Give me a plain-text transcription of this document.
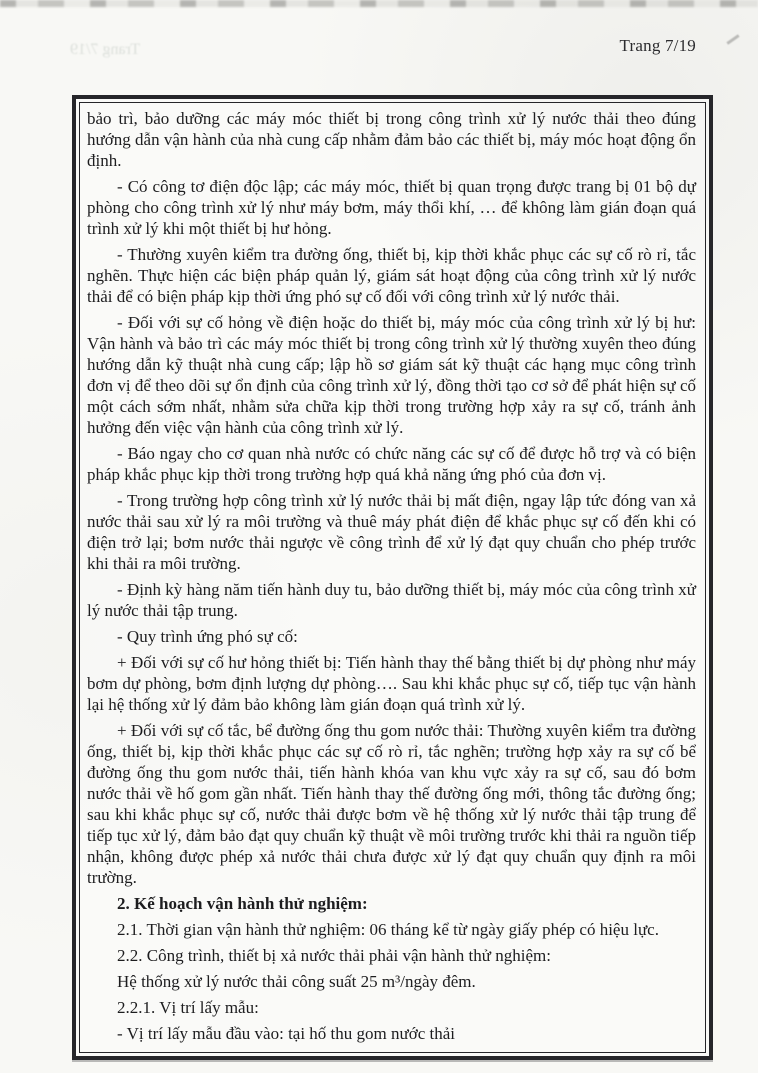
Trang 7/19	Trang 7/19

bảo trì, bảo dưỡng các máy móc thiết bị trong công trình xử lý nước thải theo đúng hướng dẫn vận hành của nhà cung cấp nhằm đảm bảo các thiết bị, máy móc hoạt động ổn định.

- Có công tơ điện độc lập; các máy móc, thiết bị quan trọng được trang bị 01 bộ dự phòng cho công trình xử lý như máy bơm, máy thổi khí, … để không làm gián đoạn quá trình xử lý khi một thiết bị hư hỏng.

- Thường xuyên kiểm tra đường ống, thiết bị, kịp thời khắc phục các sự cố rò rỉ, tắc nghẽn. Thực hiện các biện pháp quản lý, giám sát hoạt động của công trình xử lý nước thải để có biện pháp kịp thời ứng phó sự cố đối với công trình xử lý nước thải.

- Đối với sự cố hỏng về điện hoặc do thiết bị, máy móc của công trình xử lý bị hư: Vận hành và bảo trì các máy móc thiết bị trong công trình xử lý thường xuyên theo đúng hướng dẫn kỹ thuật nhà cung cấp; lập hồ sơ giám sát kỹ thuật các hạng mục công trình đơn vị để theo dõi sự ổn định của công trình xử lý, đồng thời tạo cơ sở để phát hiện sự cố một cách sớm nhất, nhằm sửa chữa kịp thời trong trường hợp xảy ra sự cố, tránh ảnh hưởng đến việc vận hành của công trình xử lý.

- Báo ngay cho cơ quan nhà nước có chức năng các sự cố để được hỗ trợ và có biện pháp khắc phục kịp thời trong trường hợp quá khả năng ứng phó của đơn vị.

- Trong trường hợp công trình xử lý nước thải bị mất điện, ngay lập tức đóng van xả nước thải sau xử lý ra môi trường và thuê máy phát điện để khắc phục sự cố đến khi có điện trở lại; bơm nước thải ngược về công trình để xử lý đạt quy chuẩn cho phép trước khi thải ra môi trường.

- Định kỳ hàng năm tiến hành duy tu, bảo dưỡng thiết bị, máy móc của công trình xử lý nước thải tập trung.

- Quy trình ứng phó sự cố:

+ Đối với sự cố hư hỏng thiết bị: Tiến hành thay thế bằng thiết bị dự phòng như máy bơm dự phòng, bơm định lượng dự phòng…. Sau khi khắc phục sự cố, tiếp tục vận hành lại hệ thống xử lý đảm bảo không làm gián đoạn quá trình xử lý.

+ Đối với sự cố tắc, bể đường ống thu gom nước thải: Thường xuyên kiểm tra đường ống, thiết bị, kịp thời khắc phục các sự cố rò rỉ, tắc nghẽn; trường hợp xảy ra sự cố bể đường ống thu gom nước thải, tiến hành khóa van khu vực xảy ra sự cố, sau đó bơm nước thải về hố gom gần nhất. Tiến hành thay thế đường ống mới, thông tắc đường ống; sau khi khắc phục sự cố, nước thải được bơm về hệ thống xử lý nước thải tập trung để tiếp tục xử lý, đảm bảo đạt quy chuẩn kỹ thuật về môi trường trước khi thải ra nguồn tiếp nhận, không được phép xả nước thải chưa được xử lý đạt quy chuẩn quy định ra môi trường.

2. Kế hoạch vận hành thử nghiệm:

2.1. Thời gian vận hành thử nghiệm: 06 tháng kể từ ngày giấy phép có hiệu lực.

2.2. Công trình, thiết bị xả nước thải phải vận hành thử nghiệm:

Hệ thống xử lý nước thải công suất 25 m³/ngày đêm.

2.2.1. Vị trí lấy mẫu:

- Vị trí lấy mẫu đầu vào: tại hố thu gom nước thải
